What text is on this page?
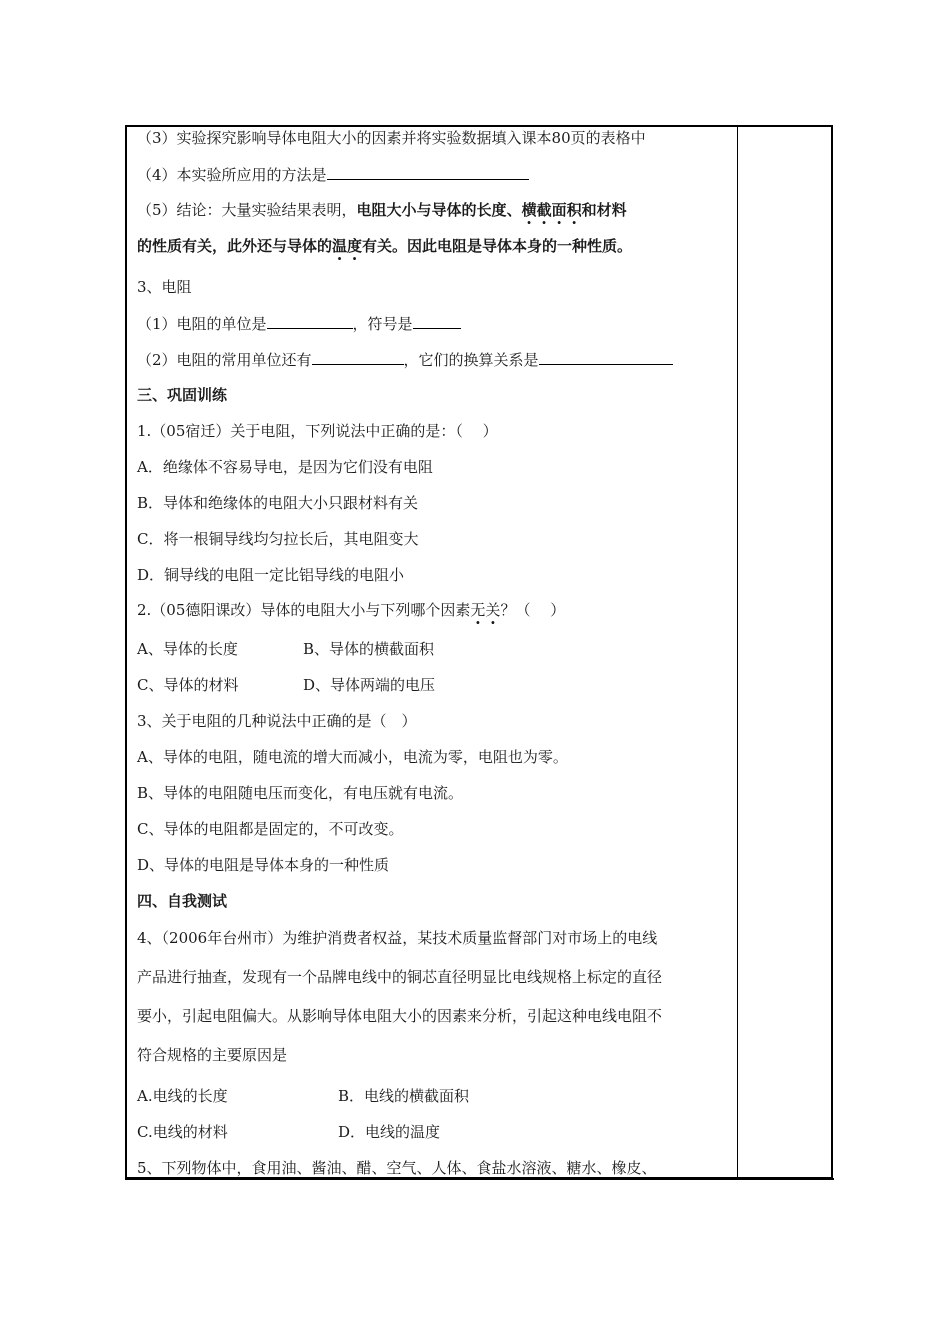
（3）实验探究影响导体电阻大小的因素并将实验数据填入课本80页的表格中
（4）本实验所应用的方法是
（5）结论：大量实验结果表明，电阻大小与导体的长度、横截面积和材料
的性质有关，此外还与导体的温度有关。因此电阻是导体本身的一种性质。
3、电阻
（1）电阻的单位是	，符号是
（2）电阻的常用单位还有	，它们的换算关系是
三、巩固训练
1.（05宿迁）关于电阻，下列说法中正确的是：（　 ）
A．绝缘体不容易导电，是因为它们没有电阻
B．导体和绝缘体的电阻大小只跟材料有关
C．将一根铜导线均匀拉长后，其电阻变大
D．铜导线的电阻一定比铝导线的电阻小
2.（05德阳课改）导体的电阻大小与下列哪个因素无关？（　 ）
A、导体的长度	B、导体的横截面积
C、导体的材料	D、导体两端的电压
3、关于电阻的几种说法中正确的是（　）
A、导体的电阻，随电流的增大而减小，电流为零，电阻也为零。
B、导体的电阻随电压而变化，有电压就有电流。
C、导体的电阻都是固定的，不可改变。
D、导体的电阻是导体本身的一种性质
四、自我测试
4、（2006年台州市）为维护消费者权益，某技术质量监督部门对市场上的电线
产品进行抽查，发现有一个品牌电线中的铜芯直径明显比电线规格上标定的直径
要小，引起电阻偏大。从影响导体电阻大小的因素来分析，引起这种电线电阻不
符合规格的主要原因是
A.电线的长度	B．电线的横截面积
C.电线的材料	D．电线的温度
5、下列物体中，食用油、酱油、醋、空气、人体、食盐水溶液、糖水、橡皮、
